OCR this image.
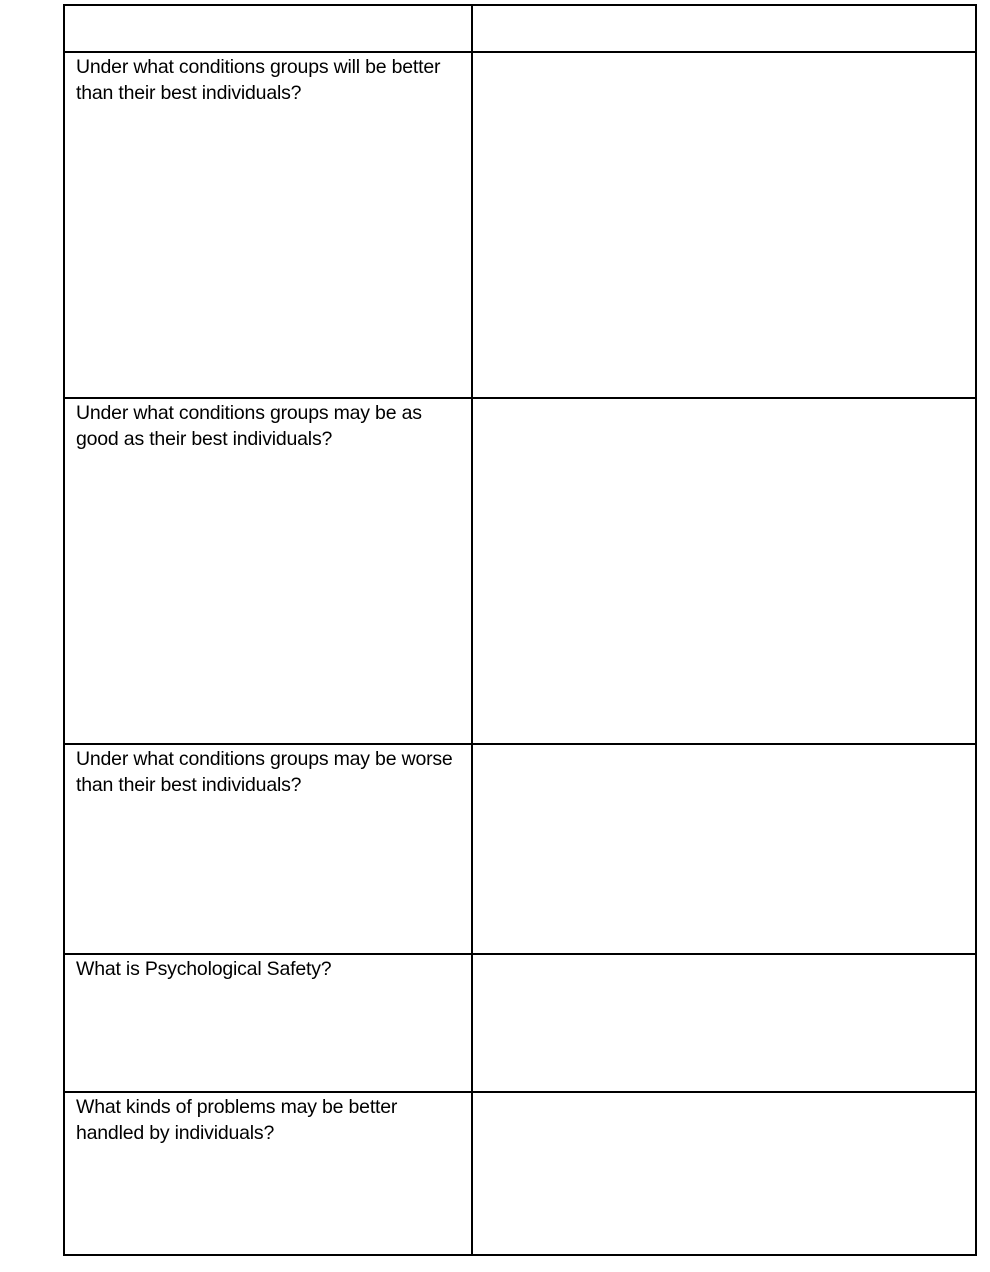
Under what conditions groups will be better than their best individuals?	

Under what conditions groups may be as good as their best individuals?	

Under what conditions groups may be worse than their best individuals?	

What is Psychological Safety?	

What kinds of problems may be better handled by individuals?	
